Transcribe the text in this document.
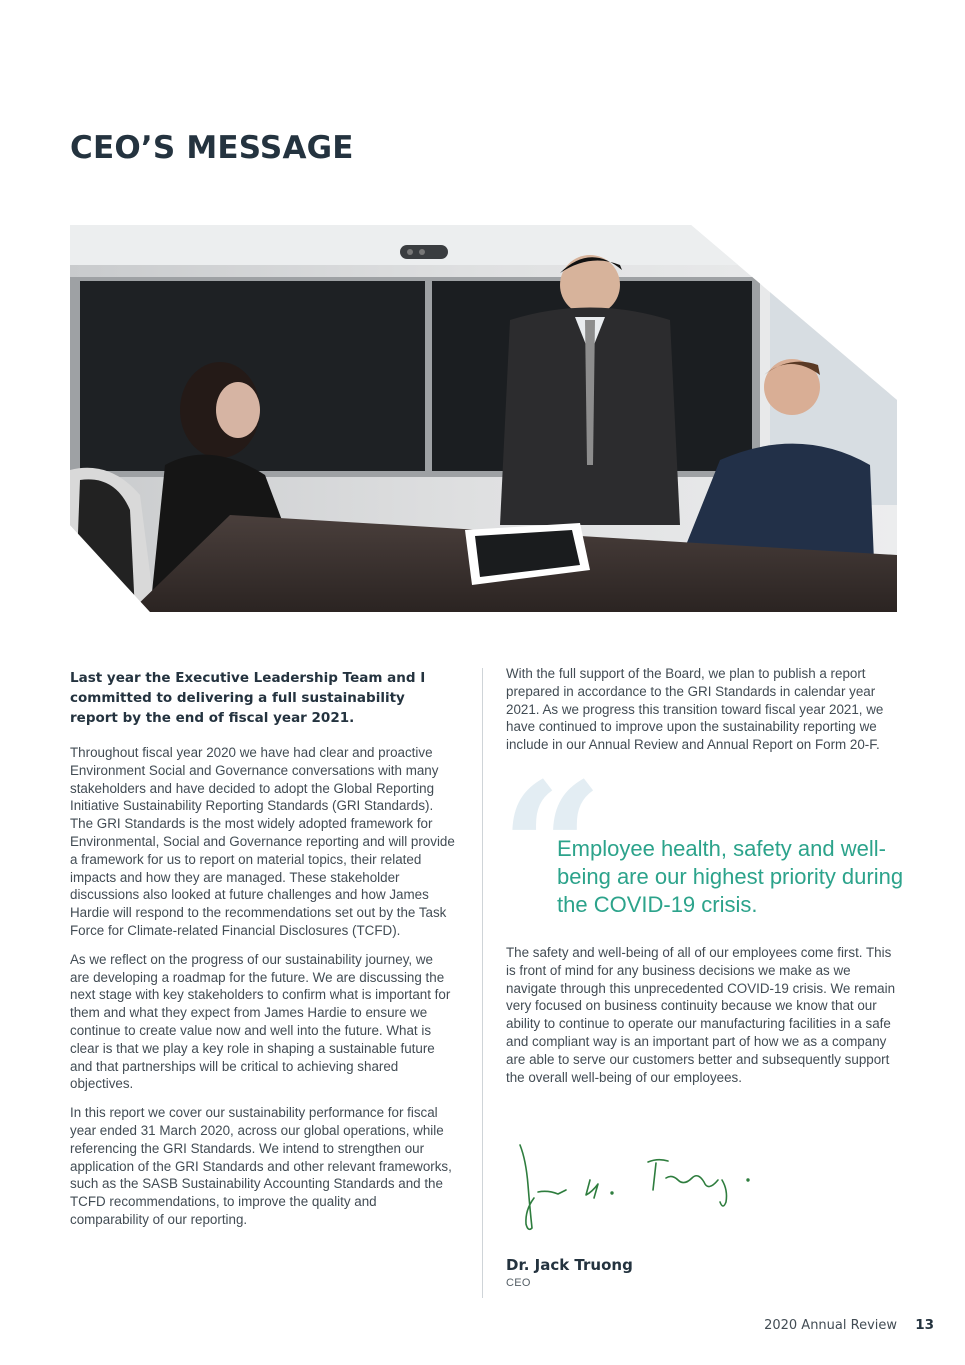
CEO’S MESSAGE

Last year the Executive Leadership Team and I committed to delivering a full sustainability report by the end of fiscal year 2021.

Throughout fiscal year 2020 we have had clear and proactive Environment Social and Governance conversations with many stakeholders and have decided to adopt the Global Reporting Initiative Sustainability Reporting Standards (GRI Standards). The GRI Standards is the most widely adopted framework for Environmental, Social and Governance reporting and will provide a framework for us to report on material topics, their related impacts and how they are managed. These stakeholder discussions also looked at future challenges and how James Hardie will respond to the recommendations set out by the Task Force for Climate-related Financial Disclosures (TCFD).

As we reflect on the progress of our sustainability journey, we are developing a roadmap for the future. We are discussing the next stage with key stakeholders to confirm what is important for them and what they expect from James Hardie to ensure we continue to create value now and well into the future. What is clear is that we play a key role in shaping a sustainable future and that partnerships will be critical to achieving shared objectives.

In this report we cover our sustainability performance for fiscal year ended 31 March 2020, across our global operations, while referencing the GRI Standards. We intend to strengthen our application of the GRI Standards and other relevant frameworks, such as the SASB Sustainability Accounting Standards and the TCFD recommendations, to improve the quality and comparability of our reporting.

With the full support of the Board, we plan to publish a report prepared in accordance to the GRI Standards in calendar year 2021. As we progress this transition toward fiscal year 2021, we have continued to improve upon the sustainability reporting we include in our Annual Review and Annual Report on Form 20-F.

“

Employee health, safety and well-being are our highest priority during the COVID-19 crisis.

The safety and well-being of all of our employees come first. This is front of mind for any business decisions we make as we navigate through this unprecedented COVID-19 crisis. We remain very focused on business continuity because we know that our ability to continue to operate our manufacturing facilities in a safe and compliant way is an important part of how we as a company are able to serve our customers better and subsequently support the overall well-being of our employees.

Dr. Jack Truong

CEO

2020 Annual Review 13
